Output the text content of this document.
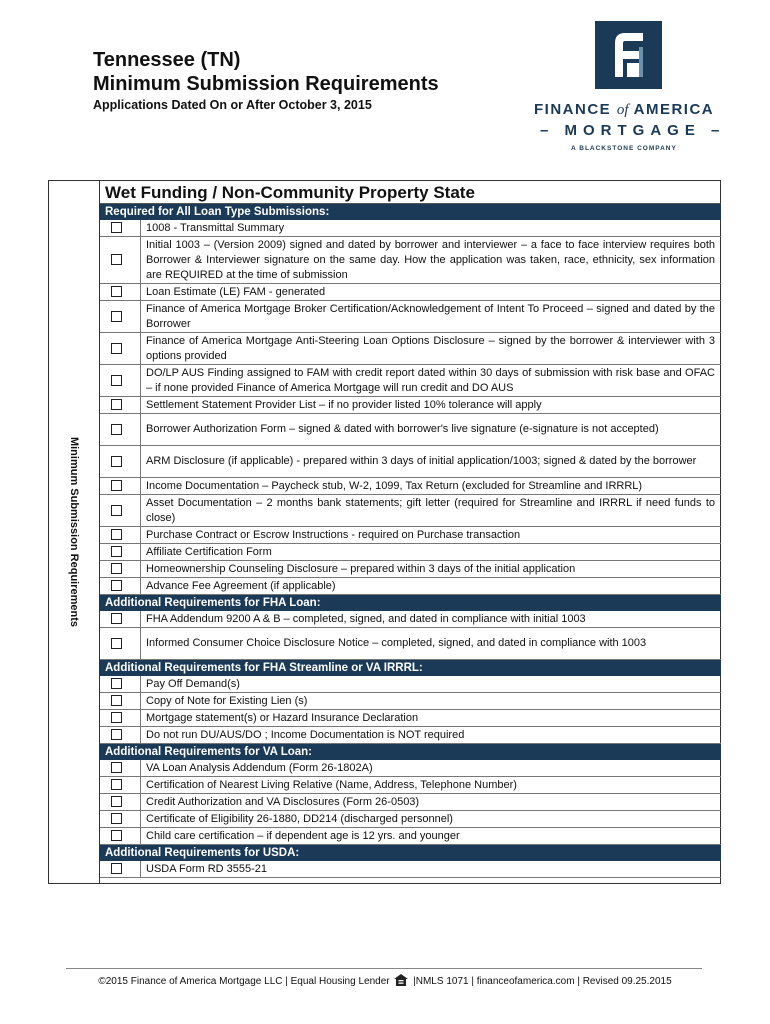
Tennessee (TN)
Minimum Submission Requirements
Applications Dated On or After October 3, 2015	FINANCE of AMERICA
– MORTGAGE –
A BLACKSTONE COMPANY
Minimum Submission Requirements
Wet Funding / Non-Community Property State
Required for All Loan Type Submissions:
1008 - Transmittal Summary
Initial 1003 – (Version 2009) signed and dated by borrower and interviewer – a face to face interview requires both Borrower & Interviewer signature on the same day. How the application was taken, race, ethnicity, sex information are REQUIRED at the time of submission
Loan Estimate (LE) FAM - generated
Finance of America Mortgage Broker Certification/Acknowledgement of Intent To Proceed – signed and dated by the Borrower
Finance of America Mortgage Anti-Steering Loan Options Disclosure – signed by the borrower & interviewer with 3 options provided
DO/LP AUS Finding assigned to FAM with credit report dated within 30 days of submission with risk base and OFAC – if none provided Finance of America Mortgage will run credit and DO AUS
Settlement Statement Provider List – if no provider listed 10% tolerance will apply
Borrower Authorization Form – signed & dated with borrower's live signature (e-signature is not accepted)
ARM Disclosure (if applicable) - prepared within 3 days of initial application/1003; signed & dated by the borrower
Income Documentation – Paycheck stub, W-2, 1099, Tax Return (excluded for Streamline and IRRRL)
Asset Documentation – 2 months bank statements; gift letter (required for Streamline and IRRRL if need funds to close)
Purchase Contract or Escrow Instructions - required on Purchase transaction
Affiliate Certification Form
Homeownership Counseling Disclosure – prepared within 3 days of the initial application
Advance Fee Agreement (if applicable)
Additional Requirements for FHA Loan:
FHA Addendum 9200 A & B – completed, signed, and dated in compliance with initial 1003
Informed Consumer Choice Disclosure Notice – completed, signed, and dated in compliance with 1003
Additional Requirements for FHA Streamline or VA IRRRL:
Pay Off Demand(s)
Copy of Note for Existing Lien (s)
Mortgage statement(s) or Hazard Insurance Declaration
Do not run DU/AUS/DO ; Income Documentation is NOT required
Additional Requirements for VA Loan:
VA Loan Analysis Addendum (Form 26-1802A)
Certification of Nearest Living Relative (Name, Address, Telephone Number)
Credit Authorization and VA Disclosures (Form 26-0503)
Certificate of Eligibility 26-1880, DD214 (discharged personnel)
Child care certification – if dependent age is 12 yrs. and younger
Additional Requirements for USDA:
USDA Form RD 3555-21
©2015 Finance of America Mortgage LLC | Equal Housing Lender |NMLS 1071 | financeofamerica.com | Revised 09.25.2015
